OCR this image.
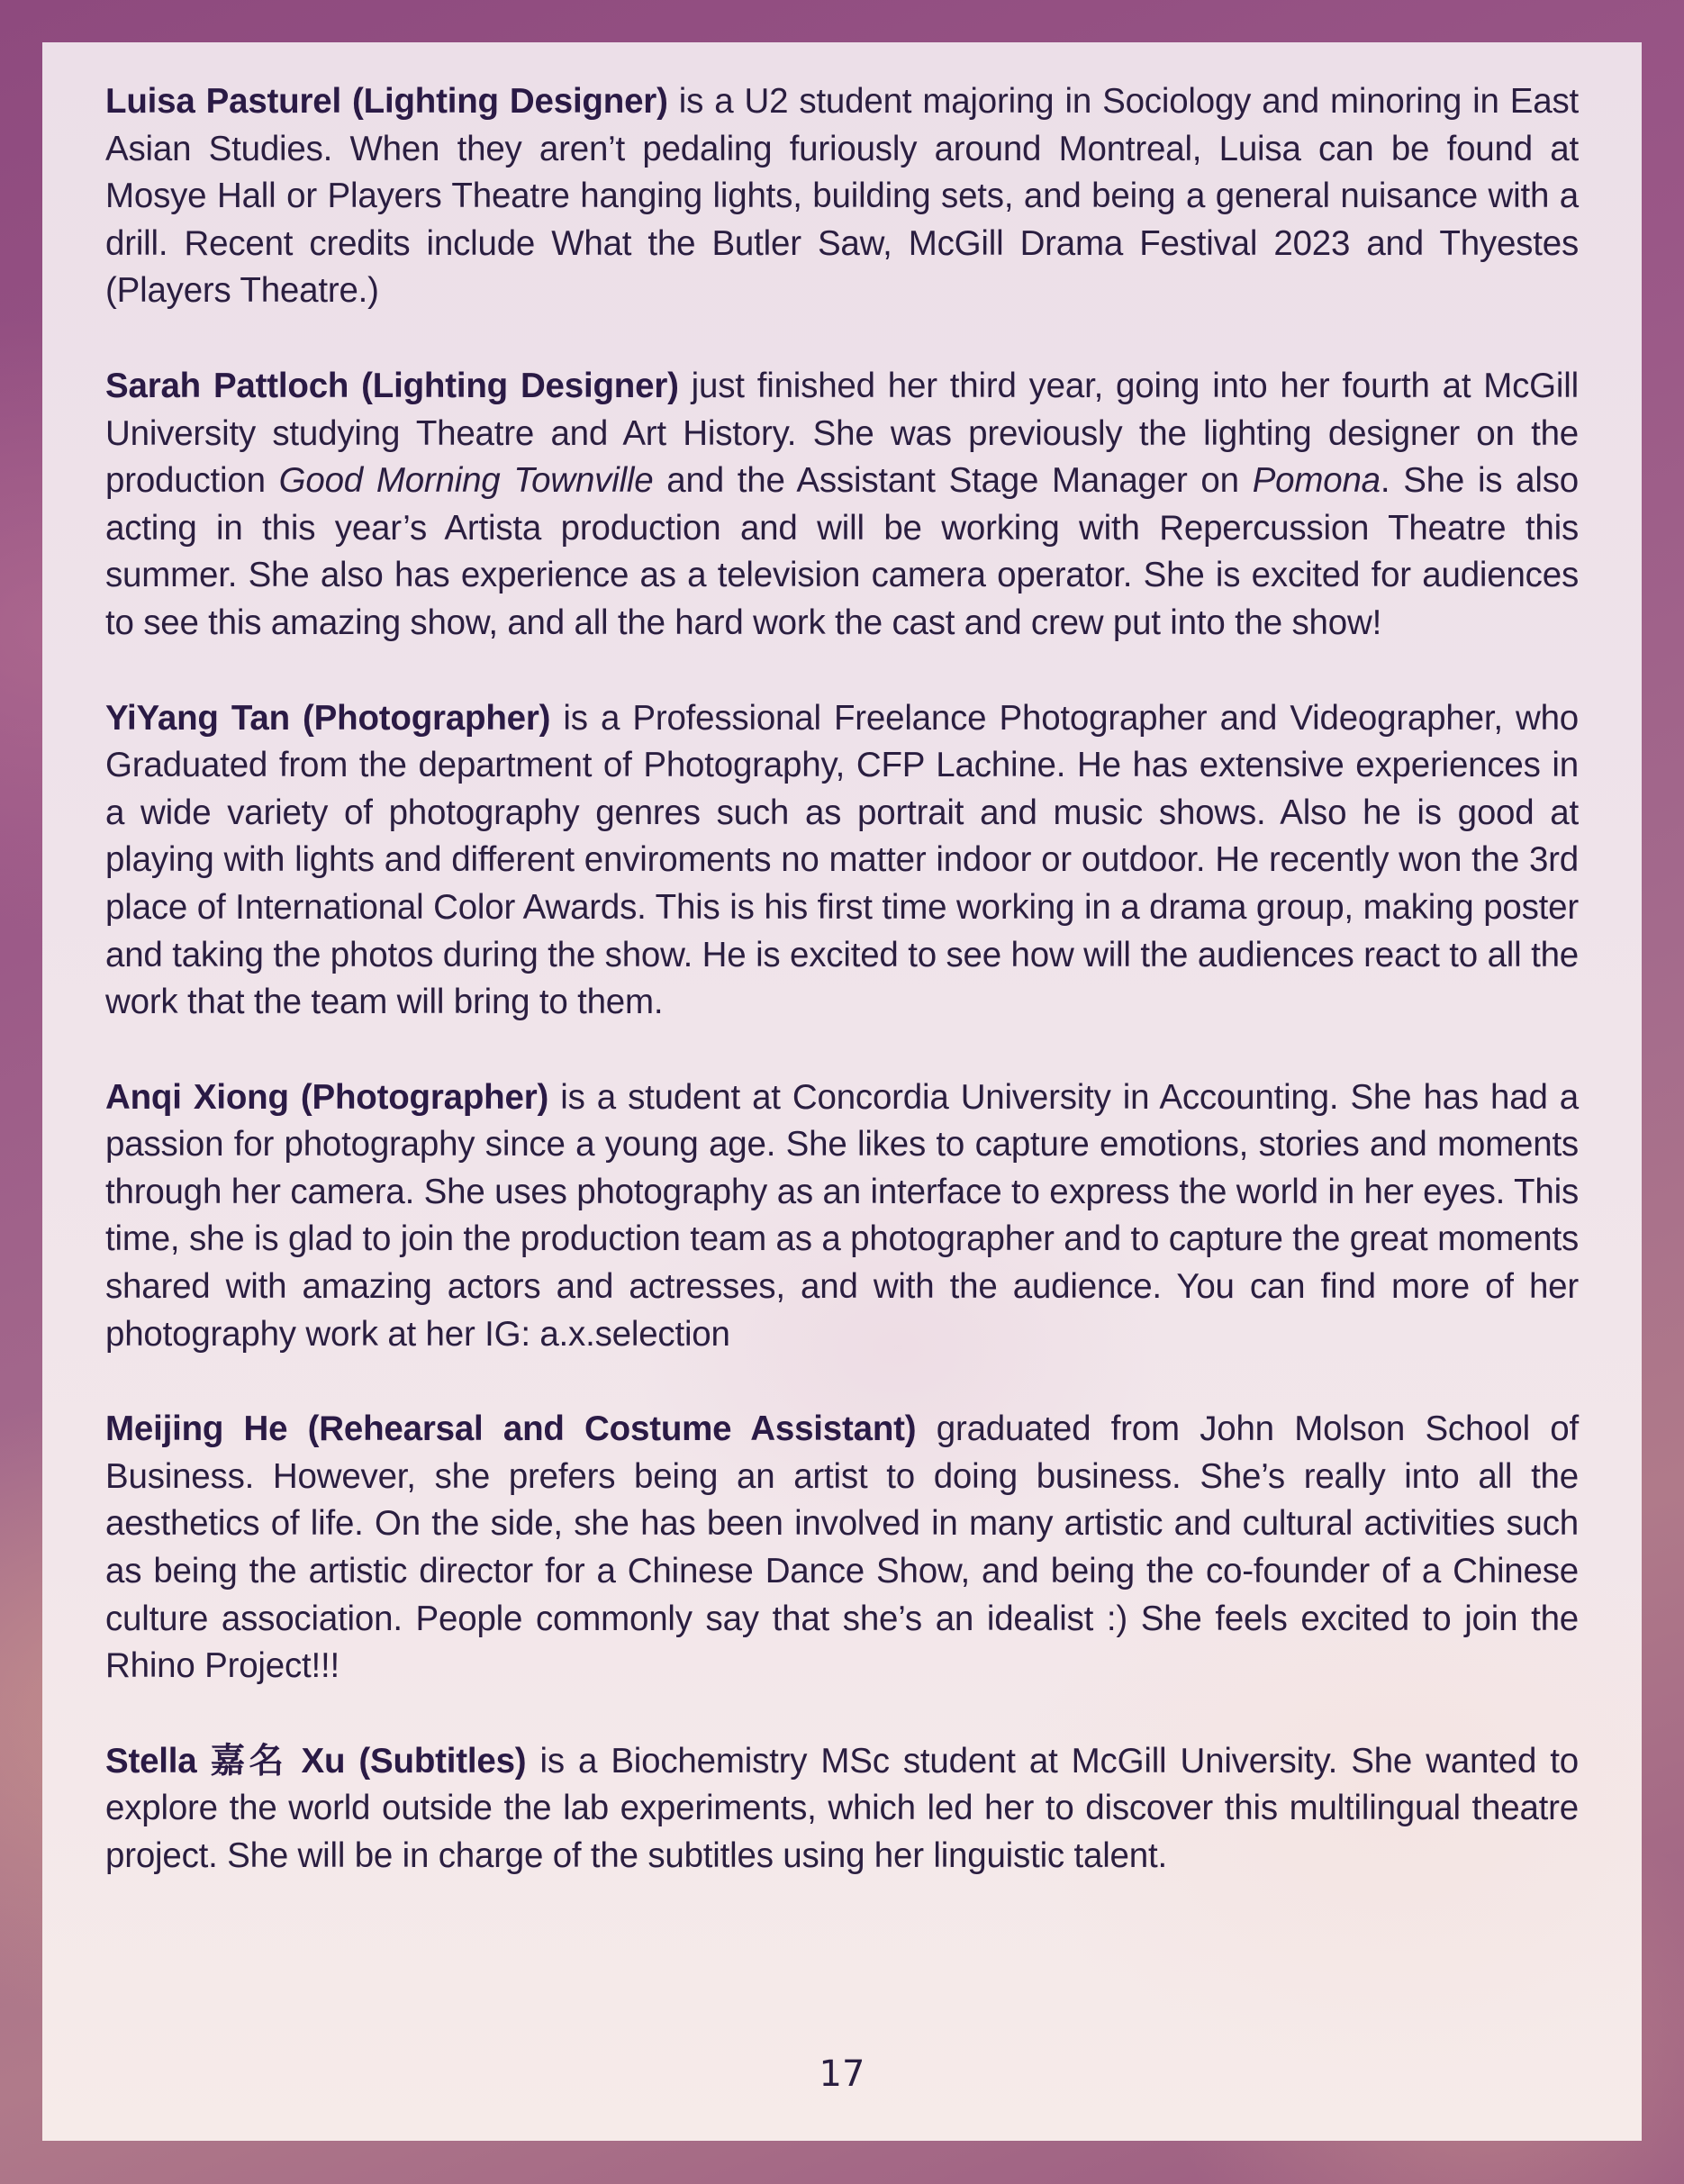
Luisa Pasturel (Lighting Designer) is a U2 student majoring in Sociology and minoring in East Asian Studies. When they aren’t pedaling furiously around Montreal, Luisa can be found at Mosye Hall or Players Theatre hanging lights, building sets, and being a general nuisance with a drill. Recent credits include What the Butler Saw, McGill Drama Festival 2023 and Thyestes (Players Theatre.)

Sarah Pattloch (Lighting Designer) just finished her third year, going into her fourth at McGill University studying Theatre and Art History. She was previously the lighting designer on the production Good Morning Townville and the Assistant Stage Manager on Pomona. She is also acting in this year’s Artista production and will be working with Repercussion Theatre this summer. She also has experience as a television camera operator. She is excited for audiences to see this amazing show, and all the hard work the cast and crew put into the show!

YiYang Tan (Photographer) is a Professional Freelance Photographer and Videographer, who Graduated from the department of Photography, CFP Lachine. He has extensive experiences in a wide variety of photography genres such as portrait and music shows. Also he is good at playing with lights and different enviroments no matter indoor or outdoor. He recently won the 3rd place of International Color Awards. This is his first time working in a drama group, making poster and taking the photos during the show. He is excited to see how will the audiences react to all the work that the team will bring to them.

Anqi Xiong (Photographer) is a student at Concordia University in Accounting. She has had a passion for photography since a young age. She likes to capture emotions, stories and moments through her camera. She uses photography as an interface to express the world in her eyes. This time, she is glad to join the production team as a photographer and to capture the great moments shared with amazing actors and actresses, and with the audience. You can find more of her photography work at her IG: a.x.selection

Meijing He (Rehearsal and Costume Assistant) graduated from John Molson School of Business. However, she prefers being an artist to doing business. She’s really into all the aesthetics of life. On the side, she has been involved in many artistic and cultural activities such as being the artistic director for a Chinese Dance Show, and being the co-founder of a Chinese culture association. People commonly say that she’s an idealist :) She feels excited to join the Rhino Project!!!

Stella 嘉名 Xu (Subtitles) is a Biochemistry MSc student at McGill University. She wanted to explore the world outside the lab experiments, which led her to discover this multilingual theatre project. She will be in charge of the subtitles using her linguistic talent.

17
